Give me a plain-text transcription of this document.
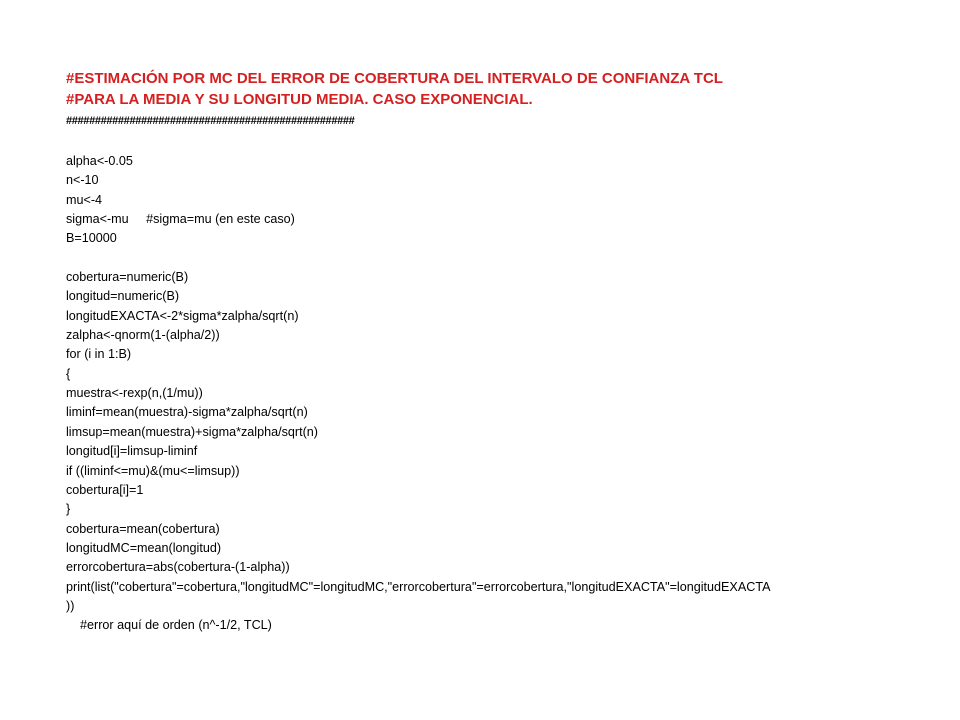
#ESTIMACIÓN POR MC DEL ERROR DE COBERTURA DEL INTERVALO DE CONFIANZA TCL
#PARA LA MEDIA Y SU LONGITUD MEDIA. CASO EXPONENCIAL.
##################################################
alpha<-0.05
n<-10
mu<-4
sigma<-mu     #sigma=mu (en este caso)
B=10000

cobertura=numeric(B)
longitud=numeric(B)
longitudEXACTA<-2*sigma*zalpha/sqrt(n)
zalpha<-qnorm(1-(alpha/2))
for (i in 1:B)
{
muestra<-rexp(n,(1/mu))
liminf=mean(muestra)-sigma*zalpha/sqrt(n)
limsup=mean(muestra)+sigma*zalpha/sqrt(n)
longitud[i]=limsup-liminf
if ((liminf<=mu)&(mu<=limsup))
cobertura[i]=1
}
cobertura=mean(cobertura)
longitudMC=mean(longitud)
errorcobertura=abs(cobertura-(1-alpha))
print(list("cobertura"=cobertura,"longitudMC"=longitudMC,"errorcobertura"=errorcobertura,"longitudEXACTA"=longitudEXACTA
))
#error aquí de orden (n^-1/2, TCL)
